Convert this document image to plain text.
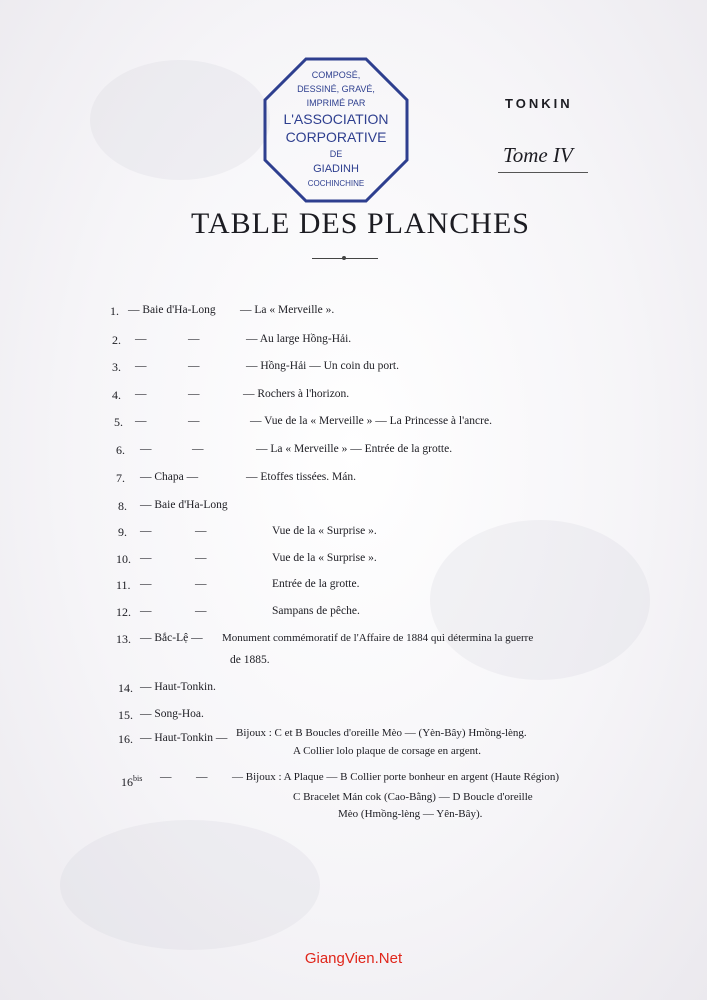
COMPOSÉ,
DESSINÉ, GRAVÉ,
IMPRIMÉ PAR
L'ASSOCIATION
CORPORATIVE
DE
GIADINH
COCHINCHINE
TONKIN
Tome IV
TABLE DES PLANCHES
1. — Baie d'Ha-Long — La « Merveille ».
2. —	—	— Au large Hồng-Hải.
3. —	—	— Hồng-Hải — Un coin du port.
4. —	—	— Rochers à l'horizon.
5. —	—	— Vue de la « Merveille » — La Princesse à l'ancre.
6. —	—	— La « Merveille » — Entrée de la grotte.
7. — Chapa —	— Etoffes tissées. Mán.
8. — Baie d'Ha-Long
9. —	—	Vue de la « Surprise ».
10. —	—	Vue de la « Surprise ».
11. —	—	Entrée de la grotte.
12. —	—	Sampans de pêche.
13. — Bắc-Lệ — Monument commémoratif de l'Affaire de 1884 qui détermina la guerre
de 1885.
14. — Haut-Tonkin.
15. — Song-Hoa.
16. — Haut-Tonkin — Bijoux : C et B Boucles d'oreille Mèo — (Yèn-Bây) Hmồng-lèng.
A Collier lolo plaque de corsage en argent.
$16^{bis}$ — — — Bijoux : A Plaque — B Collier porte bonheur en argent (Haute Région)
C Bracelet Mán cok (Cao-Bằng) — D Boucle d'oreille
Mèo (Hmồng-lèng — Yên-Bây).
GiangVien.Net
